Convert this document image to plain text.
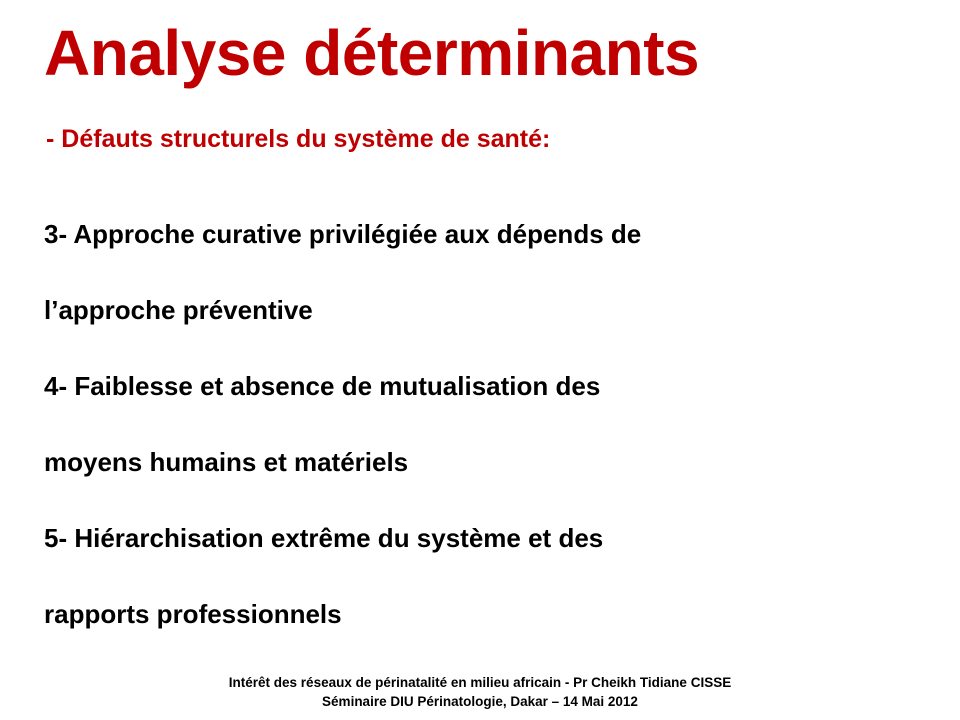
Analyse déterminants
- Défauts structurels du système de santé:
3- Approche curative privilégiée aux dépends de
l’approche préventive
4- Faiblesse et absence de mutualisation des
moyens humains et matériels
5- Hiérarchisation extrême du système et des
rapports professionnels
Intérêt des réseaux de périnatalité en milieu africain - Pr Cheikh Tidiane CISSE
Séminaire DIU Périnatologie, Dakar – 14 Mai 2012
